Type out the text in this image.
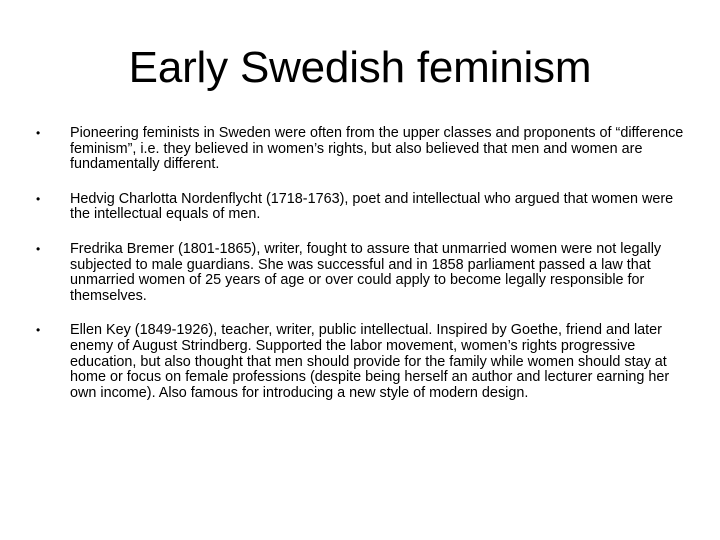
Early Swedish feminism
•	Pioneering feminists in Sweden were often from the upper classes and proponents of “difference feminism”, i.e. they believed in women’s rights, but also believed that men and women are fundamentally different.
•	Hedvig Charlotta Nordenflycht (1718-1763), poet and intellectual who argued that women were the intellectual equals of men.
•	Fredrika Bremer (1801-1865), writer, fought to assure that unmarried women were not legally subjected to male guardians. She was successful and in 1858 parliament passed a law that unmarried women of 25 years of age or over could apply to become legally responsible for themselves.
•	Ellen Key (1849-1926), teacher, writer, public intellectual. Inspired by Goethe, friend and later enemy of August Strindberg. Supported the labor movement, women’s rights progressive education, but also thought that men should provide for the family while women should stay at home or focus on female professions (despite being herself an author and lecturer earning her own income). Also famous for introducing a new style of modern design.
